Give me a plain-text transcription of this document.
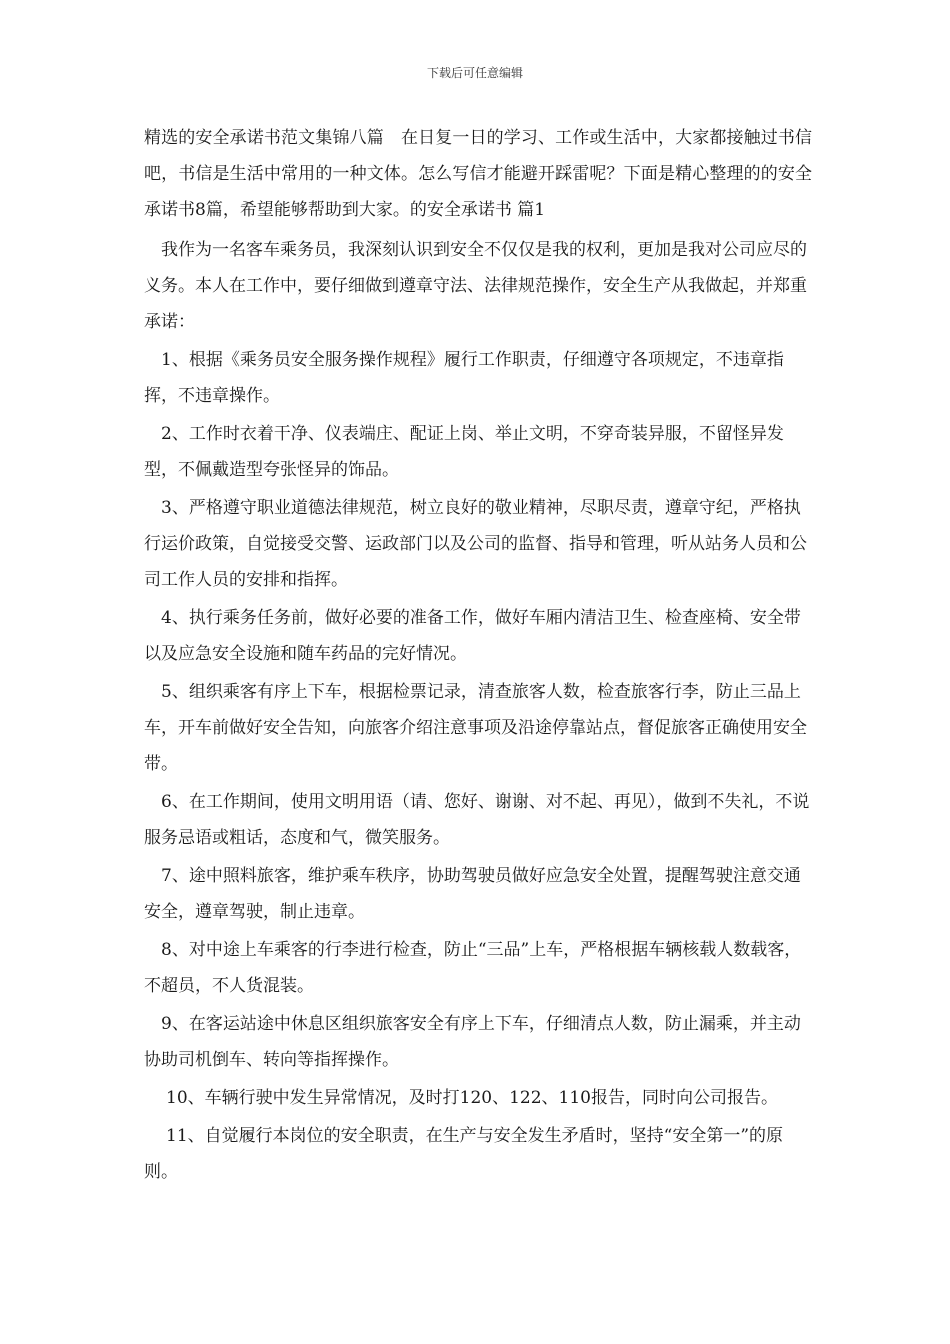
下载后可任意编辑

精选的安全承诺书范文集锦八篇　在日复一日的学习、工作或生活中，大家都接触过书信吧，书信是生活中常用的一种文体。怎么写信才能避开踩雷呢？下面是精心整理的的安全承诺书8篇，希望能够帮助到大家。的安全承诺书 篇1

我作为一名客车乘务员，我深刻认识到安全不仅仅是我的权利，更加是我对公司应尽的义务。本人在工作中，要仔细做到遵章守法、法律规范操作，安全生产从我做起，并郑重承诺：

1、根据《乘务员安全服务操作规程》履行工作职责，仔细遵守各项规定，不违章指挥，不违章操作。

2、工作时衣着干净、仪表端庄、配证上岗、举止文明，不穿奇装异服，不留怪异发型，不佩戴造型夸张怪异的饰品。

3、严格遵守职业道德法律规范，树立良好的敬业精神，尽职尽责，遵章守纪，严格执行运价政策，自觉接受交警、运政部门以及公司的监督、指导和管理，听从站务人员和公司工作人员的安排和指挥。

4、执行乘务任务前，做好必要的准备工作，做好车厢内清洁卫生、检查座椅、安全带以及应急安全设施和随车药品的完好情况。

5、组织乘客有序上下车，根据检票记录，清查旅客人数，检查旅客行李，防止三品上车，开车前做好安全告知，向旅客介绍注意事项及沿途停靠站点，督促旅客正确使用安全带。

6、在工作期间，使用文明用语（请、您好、谢谢、对不起、再见），做到不失礼，不说服务忌语或粗话，态度和气，微笑服务。

7、途中照料旅客，维护乘车秩序，协助驾驶员做好应急安全处置，提醒驾驶注意交通安全，遵章驾驶，制止违章。

8、对中途上车乘客的行李进行检查，防止“三品”上车，严格根据车辆核载人数载客，不超员，不人货混装。

9、在客运站途中休息区组织旅客安全有序上下车，仔细清点人数，防止漏乘，并主动协助司机倒车、转向等指挥操作。

10、车辆行驶中发生异常情况，及时打120、122、110报告，同时向公司报告。

11、自觉履行本岗位的安全职责，在生产与安全发生矛盾时，坚持“安全第一”的原则。
